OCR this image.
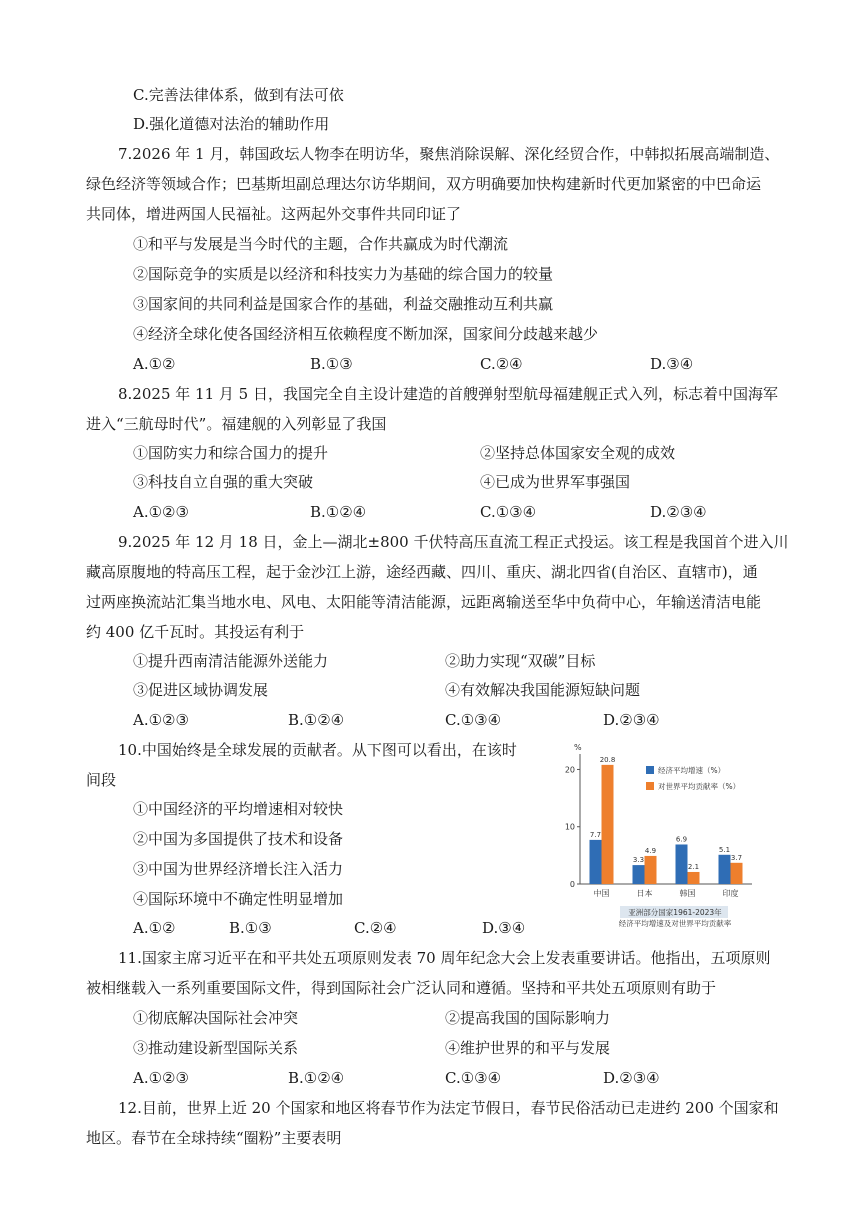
C.完善法律体系，做到有法可依
D.强化道德对法治的辅助作用
7.2026 年 1 月，韩国政坛人物李在明访华，聚焦消除误解、深化经贸合作，中韩拟拓展高端制造、
绿色经济等领域合作；巴基斯坦副总理达尔访华期间，双方明确要加快构建新时代更加紧密的中巴命运
共同体，增进两国人民福祉。这两起外交事件共同印证了
①和平与发展是当今时代的主题，合作共赢成为时代潮流
②国际竞争的实质是以经济和科技实力为基础的综合国力的较量
③国家间的共同利益是国家合作的基础，利益交融推动互利共赢
④经济全球化使各国经济相互依赖程度不断加深，国家间分歧越来越少
A.①②	B.①③	C.②④	D.③④
8.2025 年 11 月 5 日，我国完全自主设计建造的首艘弹射型航母福建舰正式入列，标志着中国海军
进入“三航母时代”。福建舰的入列彰显了我国
①国防实力和综合国力的提升	②坚持总体国家安全观的成效
③科技自立自强的重大突破	④已成为世界军事强国
A.①②③	B.①②④	C.①③④	D.②③④
9.2025 年 12 月 18 日，金上—湖北±800 千伏特高压直流工程正式投运。该工程是我国首个进入川
藏高原腹地的特高压工程，起于金沙江上游，途经西藏、四川、重庆、湖北四省(自治区、直辖市)，通
过两座换流站汇集当地水电、风电、太阳能等清洁能源，远距离输送至华中负荷中心，年输送清洁电能
约 400 亿千瓦时。其投运有利于
①提升西南清洁能源外送能力	②助力实现“双碳”目标
③促进区域协调发展	④有效解决我国能源短缺问题
A.①②③	B.①②④	C.①③④	D.②③④
10.中国始终是全球发展的贡献者。从下图可以看出，在该时
间段
①中国经济的平均增速相对较快
②中国为多国提供了技术和设备
③中国为世界经济增长注入活力
④国际环境中不确定性明显增加
A.①②	B.①③	C.②④	D.③④
%
0
10
20
7.7
20.8
中国
3.3
4.9
日本
6.9
2.1
韩国
5.1
3.7
印度
经济平均增速（%）
对世界平均贡献率（%）
亚洲部分国家1961-2023年
经济平均增速及对世界平均贡献率
11.国家主席习近平在和平共处五项原则发表 70 周年纪念大会上发表重要讲话。他指出，五项原则
被相继载入一系列重要国际文件，得到国际社会广泛认同和遵循。坚持和平共处五项原则有助于
①彻底解决国际社会冲突	②提高我国的国际影响力
③推动建设新型国际关系	④维护世界的和平与发展
A.①②③	B.①②④	C.①③④	D.②③④
12.目前，世界上近 20 个国家和地区将春节作为法定节假日，春节民俗活动已走进约 200 个国家和
地区。春节在全球持续“圈粉”主要表明
